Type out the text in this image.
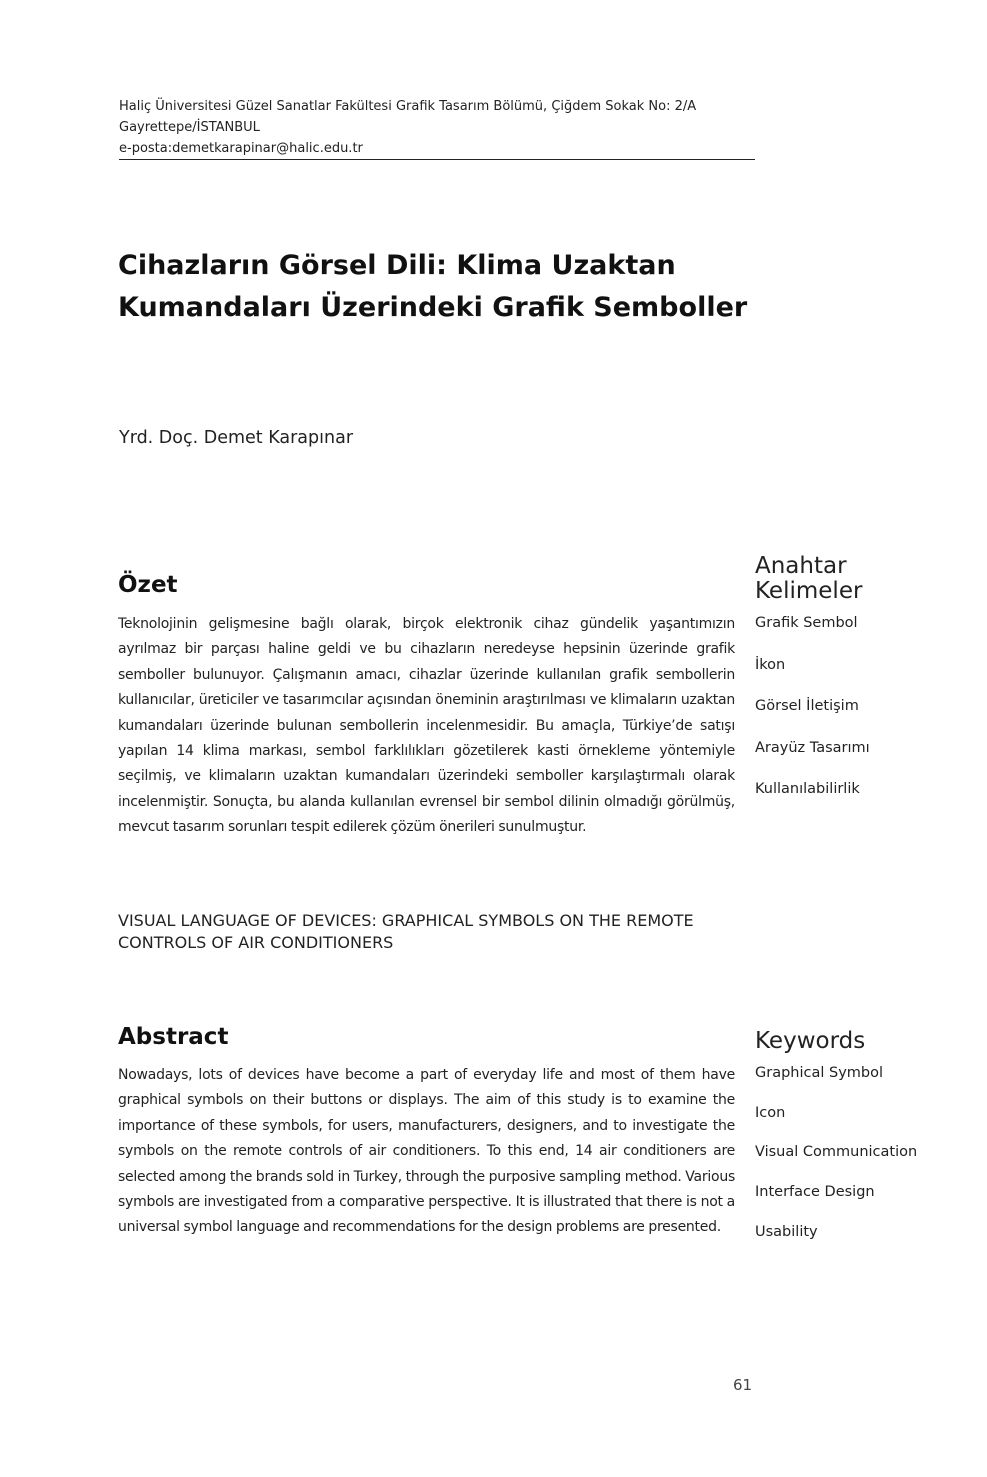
Haliç Üniversitesi Güzel Sanatlar Fakültesi Grafik Tasarım Bölümü, Çiğdem Sokak No: 2/A
Gayrettepe/İSTANBUL
e-posta:demetkarapinar@halic.edu.tr
Cihazların Görsel Dili: Klima Uzaktan
Kumandaları Üzerindeki Grafik Semboller
Yrd. Doç. Demet Karapınar
Özet
Teknolojinin gelişmesine bağlı olarak, birçok elektronik cihaz gündelik yaşantımızın ayrılmaz bir parçası haline geldi ve bu cihazların neredeyse hepsinin üzerinde grafik semboller bulunuyor. Çalışmanın amacı, cihazlar üzerinde kullanılan grafik sembollerin kullanıcılar, üreticiler ve tasarımcılar açısından öneminin araştırılması ve klimaların uzaktan kumandaları üzerinde bulunan sembollerin incelenmesidir. Bu amaçla, Türkiye’de satışı yapılan 14 klima markası, sembol farklılıkları gözetilerek kasti örnekleme yöntemiyle seçilmiş, ve klimaların uzaktan kumandaları üzerindeki semboller karşılaştırmalı olarak incelenmiştir. Sonuçta, bu alanda kullanılan evrensel bir sembol dilinin olmadığı görülmüş, mevcut tasarım sorunları tespit edilerek çözüm önerileri sunulmuştur.
Anahtar
Kelimeler
Grafik Sembol
İkon
Görsel İletişim
Arayüz Tasarımı
Kullanılabilirlik
VISUAL LANGUAGE OF DEVICES: GRAPHICAL SYMBOLS ON THE REMOTE
CONTROLS OF AIR CONDITIONERS
Abstract
Nowadays, lots of devices have become a part of everyday life and most of them have graphical symbols on their buttons or displays. The aim of this study is to examine the importance of these symbols, for users, manufacturers, designers, and to investigate the symbols on the remote controls of air conditioners. To this end, 14 air conditioners are selected among the brands sold in Turkey, through the purposive sampling method. Various symbols are investigated from a comparative perspective. It is illustrated that there is not a universal symbol language and recommendations for the design problems are presented.
Keywords
Graphical Symbol
Icon
Visual Communication
Interface Design
Usability
61
